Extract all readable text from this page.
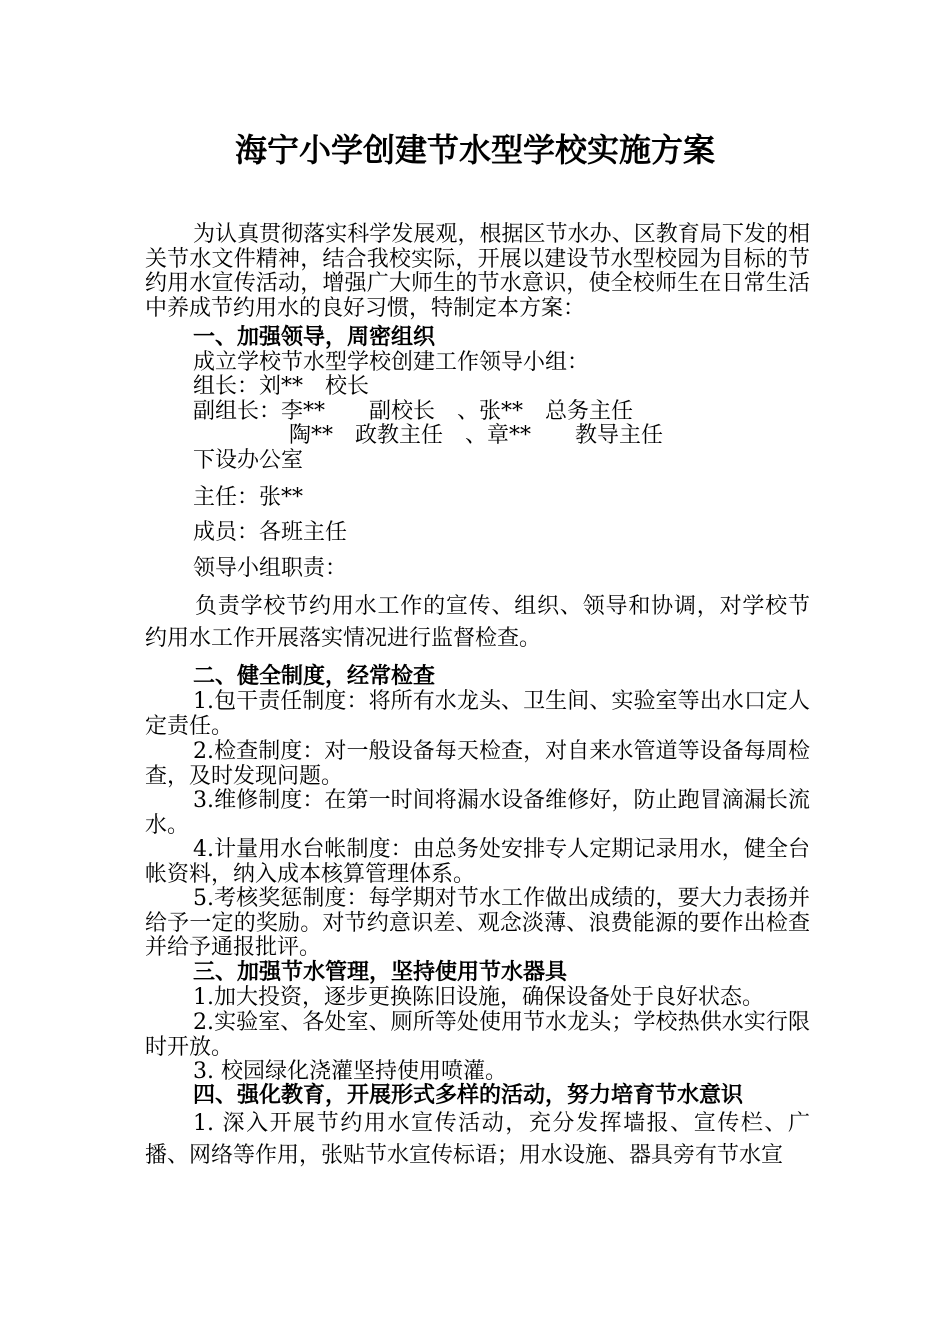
海宁小学创建节水型学校实施方案
为认真贯彻落实科学发展观，根据区节水办、区教育局下发的相关节水文件精神，结合我校实际，开展以建设节水型校园为目标的节约用水宣传活动，增强广大师生的节水意识，使全校师生在日常生活中养成节约用水的良好习惯，特制定本方案：
一、加强领导，周密组织
成立学校节水型学校创建工作领导小组：
组长：刘**　校长
副组长：李**　　副校长　、张**　总务主任
陶**　政教主任　、章**　　教导主任
下设办公室
主任：张**
成员：各班主任
领导小组职责：
负责学校节约用水工作的宣传、组织、领导和协调，对学校节约用水工作开展落实情况进行监督检查。
二、健全制度，经常检查
1.包干责任制度：将所有水龙头、卫生间、实验室等出水口定人定责任。
2.检查制度：对一般设备每天检查，对自来水管道等设备每周检查，及时发现问题。
3.维修制度：在第一时间将漏水设备维修好，防止跑冒滴漏长流水。
4.计量用水台帐制度：由总务处安排专人定期记录用水，健全台帐资料，纳入成本核算管理体系。
5.考核奖惩制度：每学期对节水工作做出成绩的，要大力表扬并给予一定的奖励。对节约意识差、观念淡薄、浪费能源的要作出检查并给予通报批评。
三、加强节水管理，坚持使用节水器具
1.加大投资，逐步更换陈旧设施，确保设备处于良好状态。
2.实验室、各处室、厕所等处使用节水龙头；学校热供水实行限时开放。
3. 校园绿化浇灌坚持使用喷灌。
四、强化教育，开展形式多样的活动，努力培育节水意识
1. 深入开展节约用水宣传活动，充分发挥墙报、宣传栏、广播、网络等作用，张贴节水宣传标语；用水设施、器具旁有节水宣
